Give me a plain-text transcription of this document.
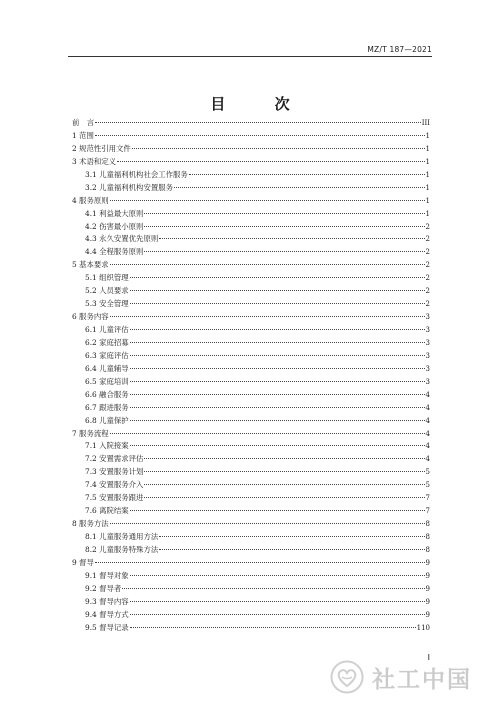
MZ/T 187—2021
目 次
前　言	III
1 范围	1
2 规范性引用文件	1
3 术语和定义	1
3.1 儿童福利机构社会工作服务	1
3.2 儿童福利机构安置服务	1
4 服务原则	1
4.1 利益最大原则	1
4.2 伤害最小原则	2
4.3 永久安置优先原则	2
4.4 全程服务原则	2
5 基本要求	2
5.1 组织管理	2
5.2 人员要求	2
5.3 安全管理	2
6 服务内容	3
6.1 儿童评估	3
6.2 家庭招募	3
6.3 家庭评估	3
6.4 儿童辅导	3
6.5 家庭培训	3
6.6 融合服务	4
6.7 跟进服务	4
6.8 儿童保护	4
7 服务流程	4
7.1 入院接案	4
7.2 安置需求评估	4
7.3 安置服务计划	5
7.4 安置服务介入	5
7.5 安置服务跟进	7
7.6 离院结案	7
8 服务方法	8
8.1 儿童服务通用方法	8
8.2 儿童服务特殊方法	8
9 督导	9
9.1 督导对象	9
9.2 督导者	9
9.3 督导内容	9
9.4 督导方式	9
9.5 督导记录	110
I
社工中国
